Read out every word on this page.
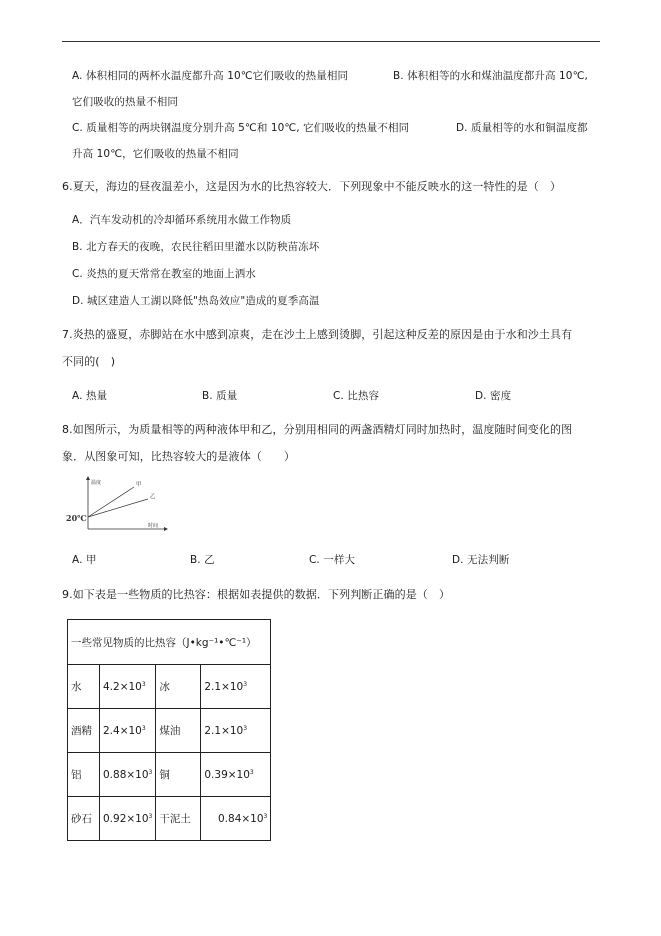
A. 体积相同的两杯水温度都升高 10℃它们吸收的热量相同	B. 体积相等的水和煤油温度都升高 10℃,
它们吸收的热量不相同
C. 质量相等的两块钢温度分别升高 5℃和 10℃, 它们吸收的热量不相同	D. 质量相等的水和铜温度都
升高 10℃，它们吸收的热量不相同
6.夏天，海边的昼夜温差小，这是因为水的比热容较大．下列现象中不能反映水的这一特性的是（　）
A．汽车发动机的冷却循环系统用水做工作物质
B. 北方春天的夜晚，农民往稻田里灌水以防秧苗冻坏
C. 炎热的夏天常常在教室的地面上洒水
D. 城区建造人工湖以降低"热岛效应"造成的夏季高温
7.炎热的盛夏，赤脚站在水中感到凉爽，走在沙土上感到烫脚，引起这种反差的原因是由于水和沙土具有
不同的(　)
A. 热量	B. 质量	C. 比热容	D. 密度
8.如图所示，为质量相等的两种液体甲和乙，分别用相同的两盏酒精灯同时加热时，温度随时间变化的图
象．从图象可知，比热容较大的是液体（　　）
温度
时间
甲
乙
20℃
A. 甲	B. 乙	C. 一样大	D. 无法判断
9.如下表是一些物质的比热容：根据如表提供的数据．下列判断正确的是（　）
一些常见物质的比热容（J•kg⁻¹•℃⁻¹）			
水	$4.2\times 10^3$	冰	$2.1\times 10^3$
酒精	$2.4\times 10^3$	煤油	$2.1\times 10^3$
铝	$0.88\times 10^3$	铜	$0.39\times 10^3$
砂石	$0.92\times 10^3$	干泥土	$0.84\times 10^3$
